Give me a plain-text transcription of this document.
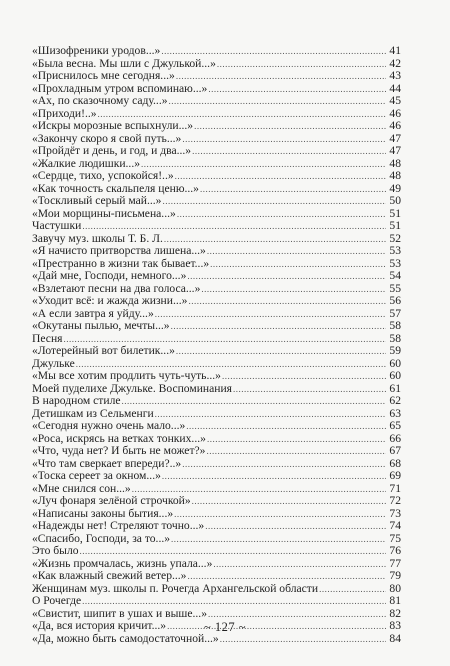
«Шизофреники уродов...» .....	41
«Была весна. Мы шли с Джулькой...» .....	42
«Приснилось мне сегодня...» .....	43
«Прохладным утром вспоминаю...» .....	44
«Ах, по сказочному саду...» .....	45
«Приходи!..» .....	46
«Искры морозные вспыхнули...» .....	46
«Закончу скоро я свой путь...» .....	47
«Пройдёт и день, и год, и два...» .....	47
«Жалкие людишки...» .....	48
«Сердце, тихо, успокойся!..» .....	48
«Как точность скальпеля ценю...» .....	49
«Тоскливый серый май...» .....	50
«Мои морщины-письмена...» .....	51
Частушки .....	51
Завучу муз. школы Т. Б. Л. .....	52
«Я начисто притворства лишена...» .....	53
«Престранно в жизни так бывает...» .....	53
«Дай мне, Господи, немного...» .....	54
«Взлетают песни на два голоса...» .....	55
«Уходит всё: и жажда жизни...» .....	56
«А если завтра я уйду...» .....	57
«Окутаны пылью, мечты...» .....	58
Песня .....	58
«Лотерейный вот билетик...» .....	59
Джульке .....	60
«Мы все хотим продлить чуть-чуть...» .....	60
Моей пуделихе Джульке. Воспоминания .....	61
В народном стиле .....	62
Детишкам из Сельменги .....	63
«Сегодня нужно очень мало...» .....	65
«Роса, искрясь на ветках тонких...» .....	66
«Что, чуда нет? И быть не может?» .....	67
«Что там сверкает впереди?..» .....	68
«Тоска сереет за окном...» .....	69
«Мне снился сон...» .....	71
«Луч фонаря зелёной строчкой» .....	72
«Написаны законы бытия...» .....	73
«Надежды нет! Стреляют точно...» .....	74
«Спасибо, Господи, за то...» .....	75
Это было .....	76
«Жизнь промчалась, жизнь упала...» .....	77
«Как влажный свежий ветер...» .....	79
Женщинам муз. школы п. Рочегда Архангельской области .....	80
О Рочегде .....	81
«Свистит, шипит в ушах и выше...» .....	82
«Да, вся история кричит...» .....	83
«Да, можно быть самодостаточной...» .....	84
~ 127 ~
